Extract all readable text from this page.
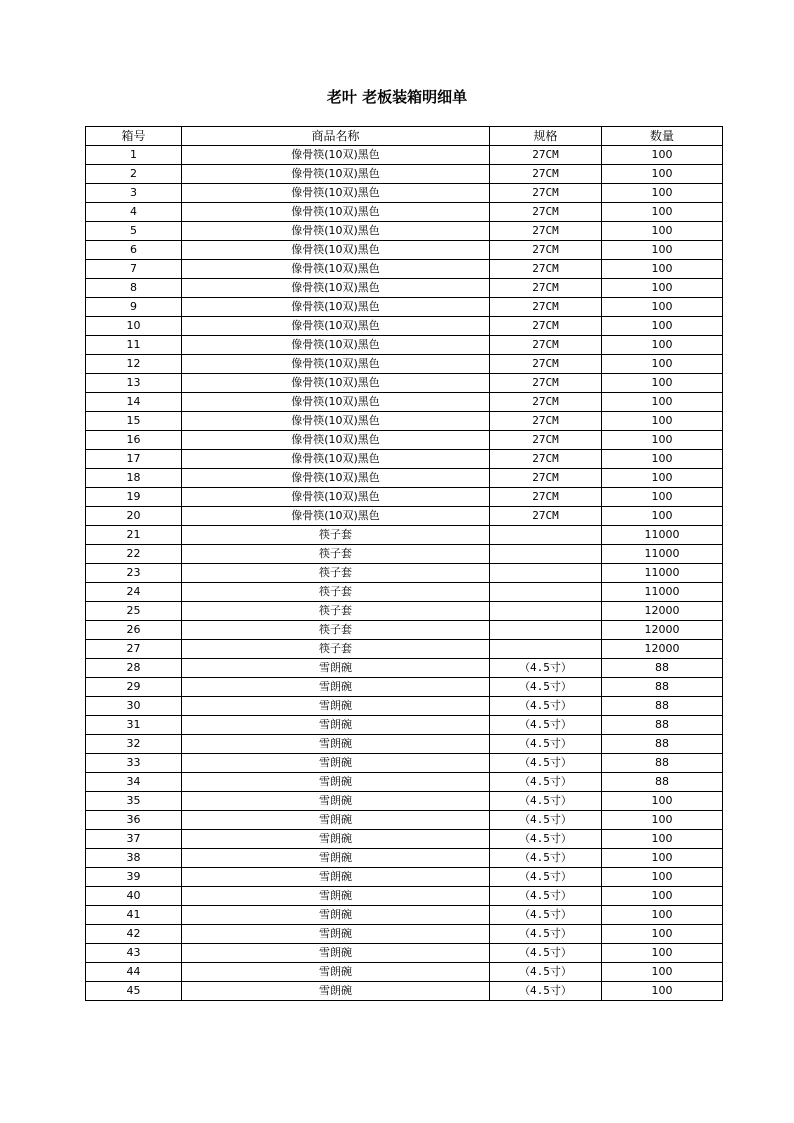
老叶 老板装箱明细单
箱号	商品名称	规格	数量
1	像骨筷(10双)黑色	27CM	100
2	像骨筷(10双)黑色	27CM	100
3	像骨筷(10双)黑色	27CM	100
4	像骨筷(10双)黑色	27CM	100
5	像骨筷(10双)黑色	27CM	100
6	像骨筷(10双)黑色	27CM	100
7	像骨筷(10双)黑色	27CM	100
8	像骨筷(10双)黑色	27CM	100
9	像骨筷(10双)黑色	27CM	100
10	像骨筷(10双)黑色	27CM	100
11	像骨筷(10双)黑色	27CM	100
12	像骨筷(10双)黑色	27CM	100
13	像骨筷(10双)黑色	27CM	100
14	像骨筷(10双)黑色	27CM	100
15	像骨筷(10双)黑色	27CM	100
16	像骨筷(10双)黑色	27CM	100
17	像骨筷(10双)黑色	27CM	100
18	像骨筷(10双)黑色	27CM	100
19	像骨筷(10双)黑色	27CM	100
20	像骨筷(10双)黑色	27CM	100
21	筷子套		11000
22	筷子套		11000
23	筷子套		11000
24	筷子套		11000
25	筷子套		12000
26	筷子套		12000
27	筷子套		12000
28	雪朗碗	（4.5寸）	88
29	雪朗碗	（4.5寸）	88
30	雪朗碗	（4.5寸）	88
31	雪朗碗	（4.5寸）	88
32	雪朗碗	（4.5寸）	88
33	雪朗碗	（4.5寸）	88
34	雪朗碗	（4.5寸）	88
35	雪朗碗	（4.5寸）	100
36	雪朗碗	（4.5寸）	100
37	雪朗碗	（4.5寸）	100
38	雪朗碗	（4.5寸）	100
39	雪朗碗	（4.5寸）	100
40	雪朗碗	（4.5寸）	100
41	雪朗碗	（4.5寸）	100
42	雪朗碗	（4.5寸）	100
43	雪朗碗	（4.5寸）	100
44	雪朗碗	（4.5寸）	100
45	雪朗碗	（4.5寸）	100
